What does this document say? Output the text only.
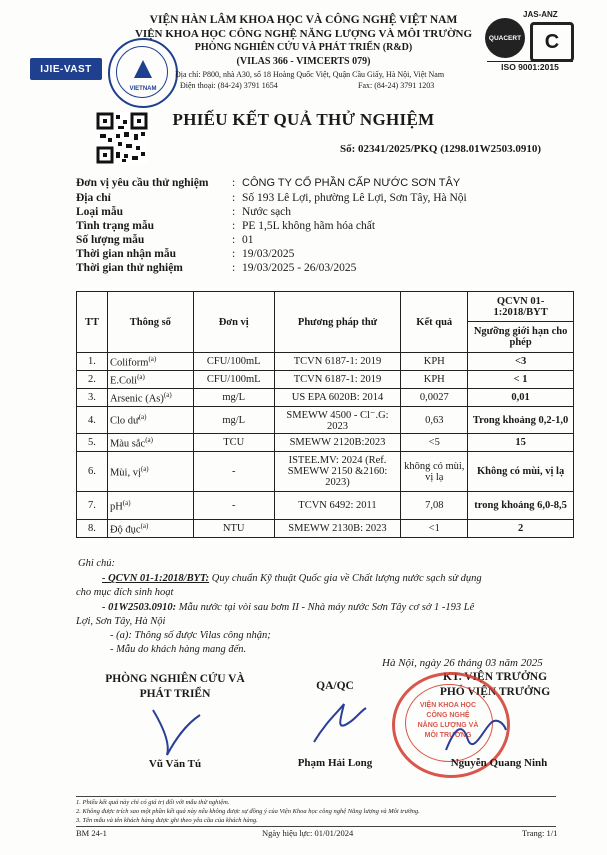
IJIE-VAST
VIETNAM
VIỆN HÀN LÂM KHOA HỌC VÀ CÔNG NGHỆ VIỆT NAM
VIỆN KHOA HỌC CÔNG NGHỆ NĂNG LƯỢNG VÀ MÔI TRƯỜNG
PHÒNG NGHIÊN CỨU VÀ PHÁT TRIỂN (R&D)
(VILAS 366 - VIMCERTS 079)
Địa chỉ: P800, nhà A30, số 18 Hoàng Quốc Việt, Quận Cầu Giấy, Hà Nội, Việt Nam
Điện thoại: (84-24) 3791 1654	Fax: (84-24) 3791 1203
JAS-ANZ
QUACERT	C
ISO 9001:2015
PHIẾU KẾT QUẢ THỬ NGHIỆM
Số: 02341/2025/PKQ (1298.01W2503.0910)
Đơn vị yêu cầu thử nghiệm : CÔNG TY CỔ PHẦN CẤP NƯỚC SƠN TÂY
Địa chỉ	: Số 193 Lê Lợi, phường Lê Lợi, Sơn Tây, Hà Nội
Loại mẫu	: Nước sạch
Tình trạng mẫu	: PE 1,5L không hãm hóa chất
Số lượng mẫu	: 01
Thời gian nhận mẫu	: 19/03/2025
Thời gian thử nghiệm	: 19/03/2025 - 26/03/2025
TT	Thông số	Đơn vị	Phương pháp thử	Kết quả	QCVN 01-1:2018/BYT
					Ngưỡng giới hạn cho phép
1.	Coliform$^{(a)}$	CFU/100mL	TCVN 6187-1: 2019	KPH	<3
2.	E.Coli$^{(a)}$	CFU/100mL	TCVN 6187-1: 2019	KPH	< 1
3.	Arsenic $(As)^{(a)}$	mg/L	US EPA 6020B: 2014	0,0027	0,01
4.	Clo $dư^{(a)}$	mg/L	SMEWW 4500 - Cl⁻.G: 2023	0,63	Trong khoảng 0,2-1,0
5.	Màu sắc$^{(a)}$	TCU	SMEWW 2120B:2023	<5	15
6.	Mùi, vị$^{(a)}$	-	ISTEE.MV: 2024 (Ref. SMEWW 2150 &2160: 2023)	không có mùi, vị lạ	Không có mùi, vị lạ
7.	$pH^{(a)}$	-	TCVN 6492: 2011	7,08	trong khoảng 6,0-8,5
8.	Độ đục$^{(a)}$	NTU	SMEWW 2130B: 2023	<1	2
Ghi chú:
- QCVN 01-1:2018/BYT: Quy chuẩn Kỹ thuật Quốc gia về Chất lượng nước sạch sử dụng
cho mục đích sinh hoạt
- 01W2503.0910: Mẫu nước tại vòi sau bơm II - Nhà máy nước Sơn Tây cơ sở 1 -193 Lê
Lợi, Sơn Tây, Hà Nội
- (a): Thông số được Vilas công nhận;
- Mẫu do khách hàng mang đến.
Hà Nội, ngày 26 tháng 03 năm 2025
PHÒNG NGHIÊN CỨU VÀ
PHÁT TRIỂN
Vũ Văn Tú
QA/QC
Phạm Hải Long
KT. VIỆN TRƯỞNG
PHÓ VIỆN TRƯỞNG
VIỆN KHOA HỌC
CÔNG NGHỆ
NĂNG LƯỢNG VÀ
MÔI TRƯỜNG
Nguyễn Quang Ninh
1. Phiếu kết quả này chỉ có giá trị đối với mẫu thử nghiệm.
2. Không được trích sao một phần kết quả này nếu không được sự đồng ý của Viện Khoa học công nghệ Năng lượng và Môi trường.
3. Tên mẫu và tên khách hàng được ghi theo yêu cầu của khách hàng.
BM 24-1	Ngày hiệu lực: 01/01/2024	Trang: 1/1
